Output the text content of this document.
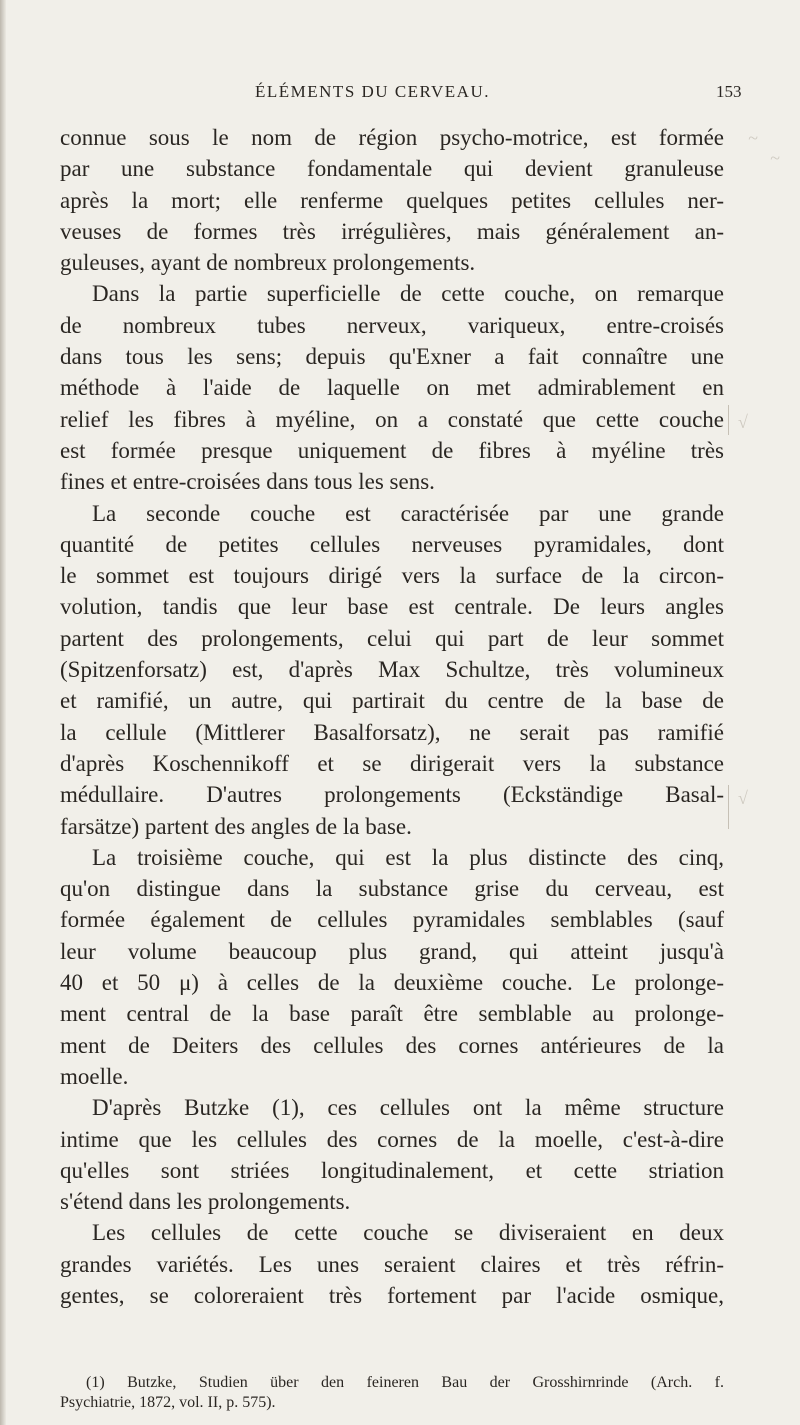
ÉLÉMENTS DU CERVEAU.	153
connue sous le nom de région psycho-motrice, est formée
par une substance fondamentale qui devient granuleuse
après la mort; elle renferme quelques petites cellules ner-
veuses de formes très irrégulières, mais généralement an-
guleuses, ayant de nombreux prolongements.
Dans la partie superficielle de cette couche, on remarque
de nombreux tubes nerveux, variqueux, entre-croisés
dans tous les sens; depuis qu'Exner a fait connaître une
méthode à l'aide de laquelle on met admirablement en
relief les fibres à myéline, on a constaté que cette couche
est formée presque uniquement de fibres à myéline très
fines et entre-croisées dans tous les sens.
La seconde couche est caractérisée par une grande
quantité de petites cellules nerveuses pyramidales, dont
le sommet est toujours dirigé vers la surface de la circon-
volution, tandis que leur base est centrale. De leurs angles
partent des prolongements, celui qui part de leur sommet
(Spitzenforsatz) est, d'après Max Schultze, très volumineux
et ramifié, un autre, qui partirait du centre de la base de
la cellule (Mittlerer Basalforsatz), ne serait pas ramifié
d'après Koschennikoff et se dirigerait vers la substance
médullaire. D'autres prolongements (Eckständige Basal-
farsätze) partent des angles de la base.
La troisième couche, qui est la plus distincte des cinq,
qu'on distingue dans la substance grise du cerveau, est
formée également de cellules pyramidales semblables (sauf
leur volume beaucoup plus grand, qui atteint jusqu'à
40 et 50 μ) à celles de la deuxième couche. Le prolonge-
ment central de la base paraît être semblable au prolonge-
ment de Deiters des cellules des cornes antérieures de la
moelle.
D'après Butzke (1), ces cellules ont la même structure
intime que les cellules des cornes de la moelle, c'est-à-dire
qu'elles sont striées longitudinalement, et cette striation
s'étend dans les prolongements.
Les cellules de cette couche se diviseraient en deux
grandes variétés. Les unes seraient claires et très réfrin-
gentes, se coloreraient très fortement par l'acide osmique,
(1) Butzke, Studien über den feineren Bau der Grosshirnrinde (Arch. f.
Psychiatrie, 1872, vol. II, p. 575).
~
~
√
√
